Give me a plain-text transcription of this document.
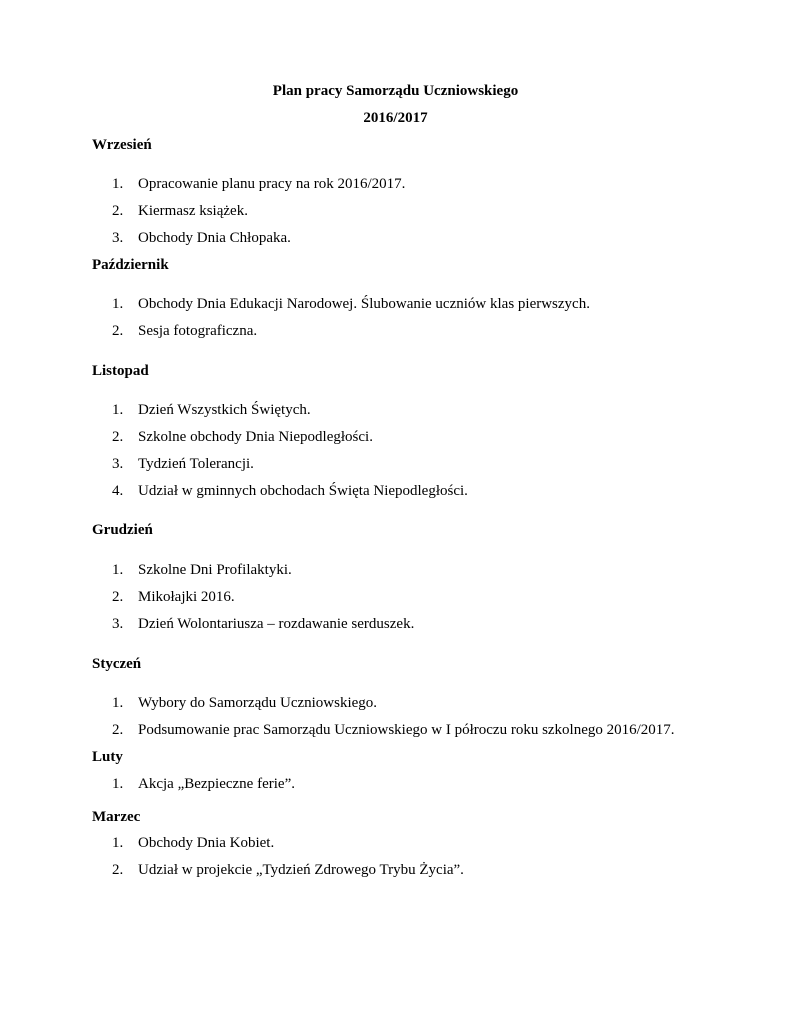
Plan pracy Samorządu Uczniowskiego

2016/2017

Wrzesień

1. Opracowanie planu pracy na rok 2016/2017.
2. Kiermasz książek.
3. Obchody Dnia Chłopaka.

Październik

1. Obchody Dnia Edukacji Narodowej. Ślubowanie uczniów klas pierwszych.
2. Sesja fotograficzna.

Listopad

1. Dzień Wszystkich Świętych.
2. Szkolne obchody Dnia Niepodległości.
3. Tydzień Tolerancji.
4. Udział w gminnych obchodach Święta Niepodległości.

Grudzień

1. Szkolne Dni Profilaktyki.
2. Mikołajki 2016.
3. Dzień Wolontariusza – rozdawanie serduszek.

Styczeń

1. Wybory do Samorządu Uczniowskiego.
2. Podsumowanie prac Samorządu Uczniowskiego w I półroczu roku szkolnego 2016/2017.

Luty

1. Akcja „Bezpieczne ferie”.

Marzec

1. Obchody Dnia Kobiet.
2. Udział w projekcie „Tydzień Zdrowego Trybu Życia”.
